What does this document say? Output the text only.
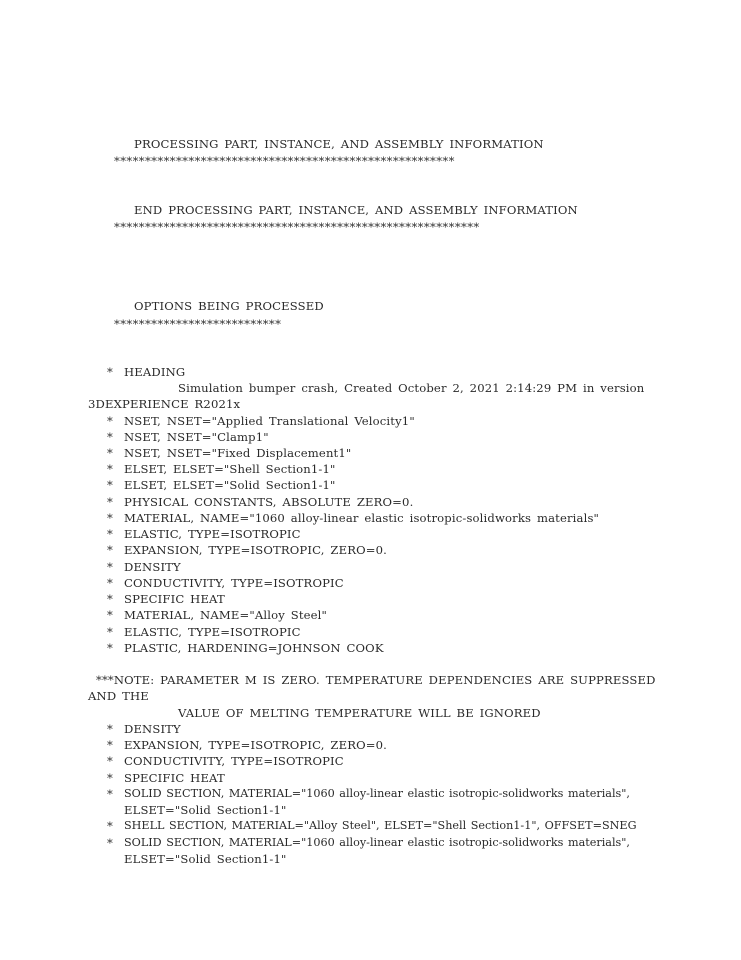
PROCESSING PART, INSTANCE, AND ASSEMBLY INFORMATION
*******************************************************
END PROCESSING PART, INSTANCE, AND ASSEMBLY INFORMATION
***********************************************************
OPTIONS BEING PROCESSED
***************************
* HEADING
Simulation bumper crash, Created October 2, 2021 2:14:29 PM in version
3DEXPERIENCE R2021x
* NSET, NSET="Applied Translational Velocity1"
* NSET, NSET="Clamp1"
* NSET, NSET="Fixed Displacement1"
* ELSET, ELSET="Shell Section1-1"
* ELSET, ELSET="Solid Section1-1"
* PHYSICAL CONSTANTS, ABSOLUTE ZERO=0.
* MATERIAL, NAME="1060 alloy-linear elastic isotropic-solidworks materials"
* ELASTIC, TYPE=ISOTROPIC
* EXPANSION, TYPE=ISOTROPIC, ZERO=0.
* DENSITY
* CONDUCTIVITY, TYPE=ISOTROPIC
* SPECIFIC HEAT
* MATERIAL, NAME="Alloy Steel"
* ELASTIC, TYPE=ISOTROPIC
* PLASTIC, HARDENING=JOHNSON COOK
***NOTE: PARAMETER M IS ZERO. TEMPERATURE DEPENDENCIES ARE SUPPRESSED
AND THE
VALUE OF MELTING TEMPERATURE WILL BE IGNORED
* DENSITY
* EXPANSION, TYPE=ISOTROPIC, ZERO=0.
* CONDUCTIVITY, TYPE=ISOTROPIC
* SPECIFIC HEAT
* SOLID SECTION, MATERIAL="1060 alloy-linear elastic isotropic-solidworks materials",
ELSET="Solid Section1-1"
* SHELL SECTION, MATERIAL="Alloy Steel", ELSET="Shell Section1-1", OFFSET=SNEG
* SOLID SECTION, MATERIAL="1060 alloy-linear elastic isotropic-solidworks materials",
ELSET="Solid Section1-1"
